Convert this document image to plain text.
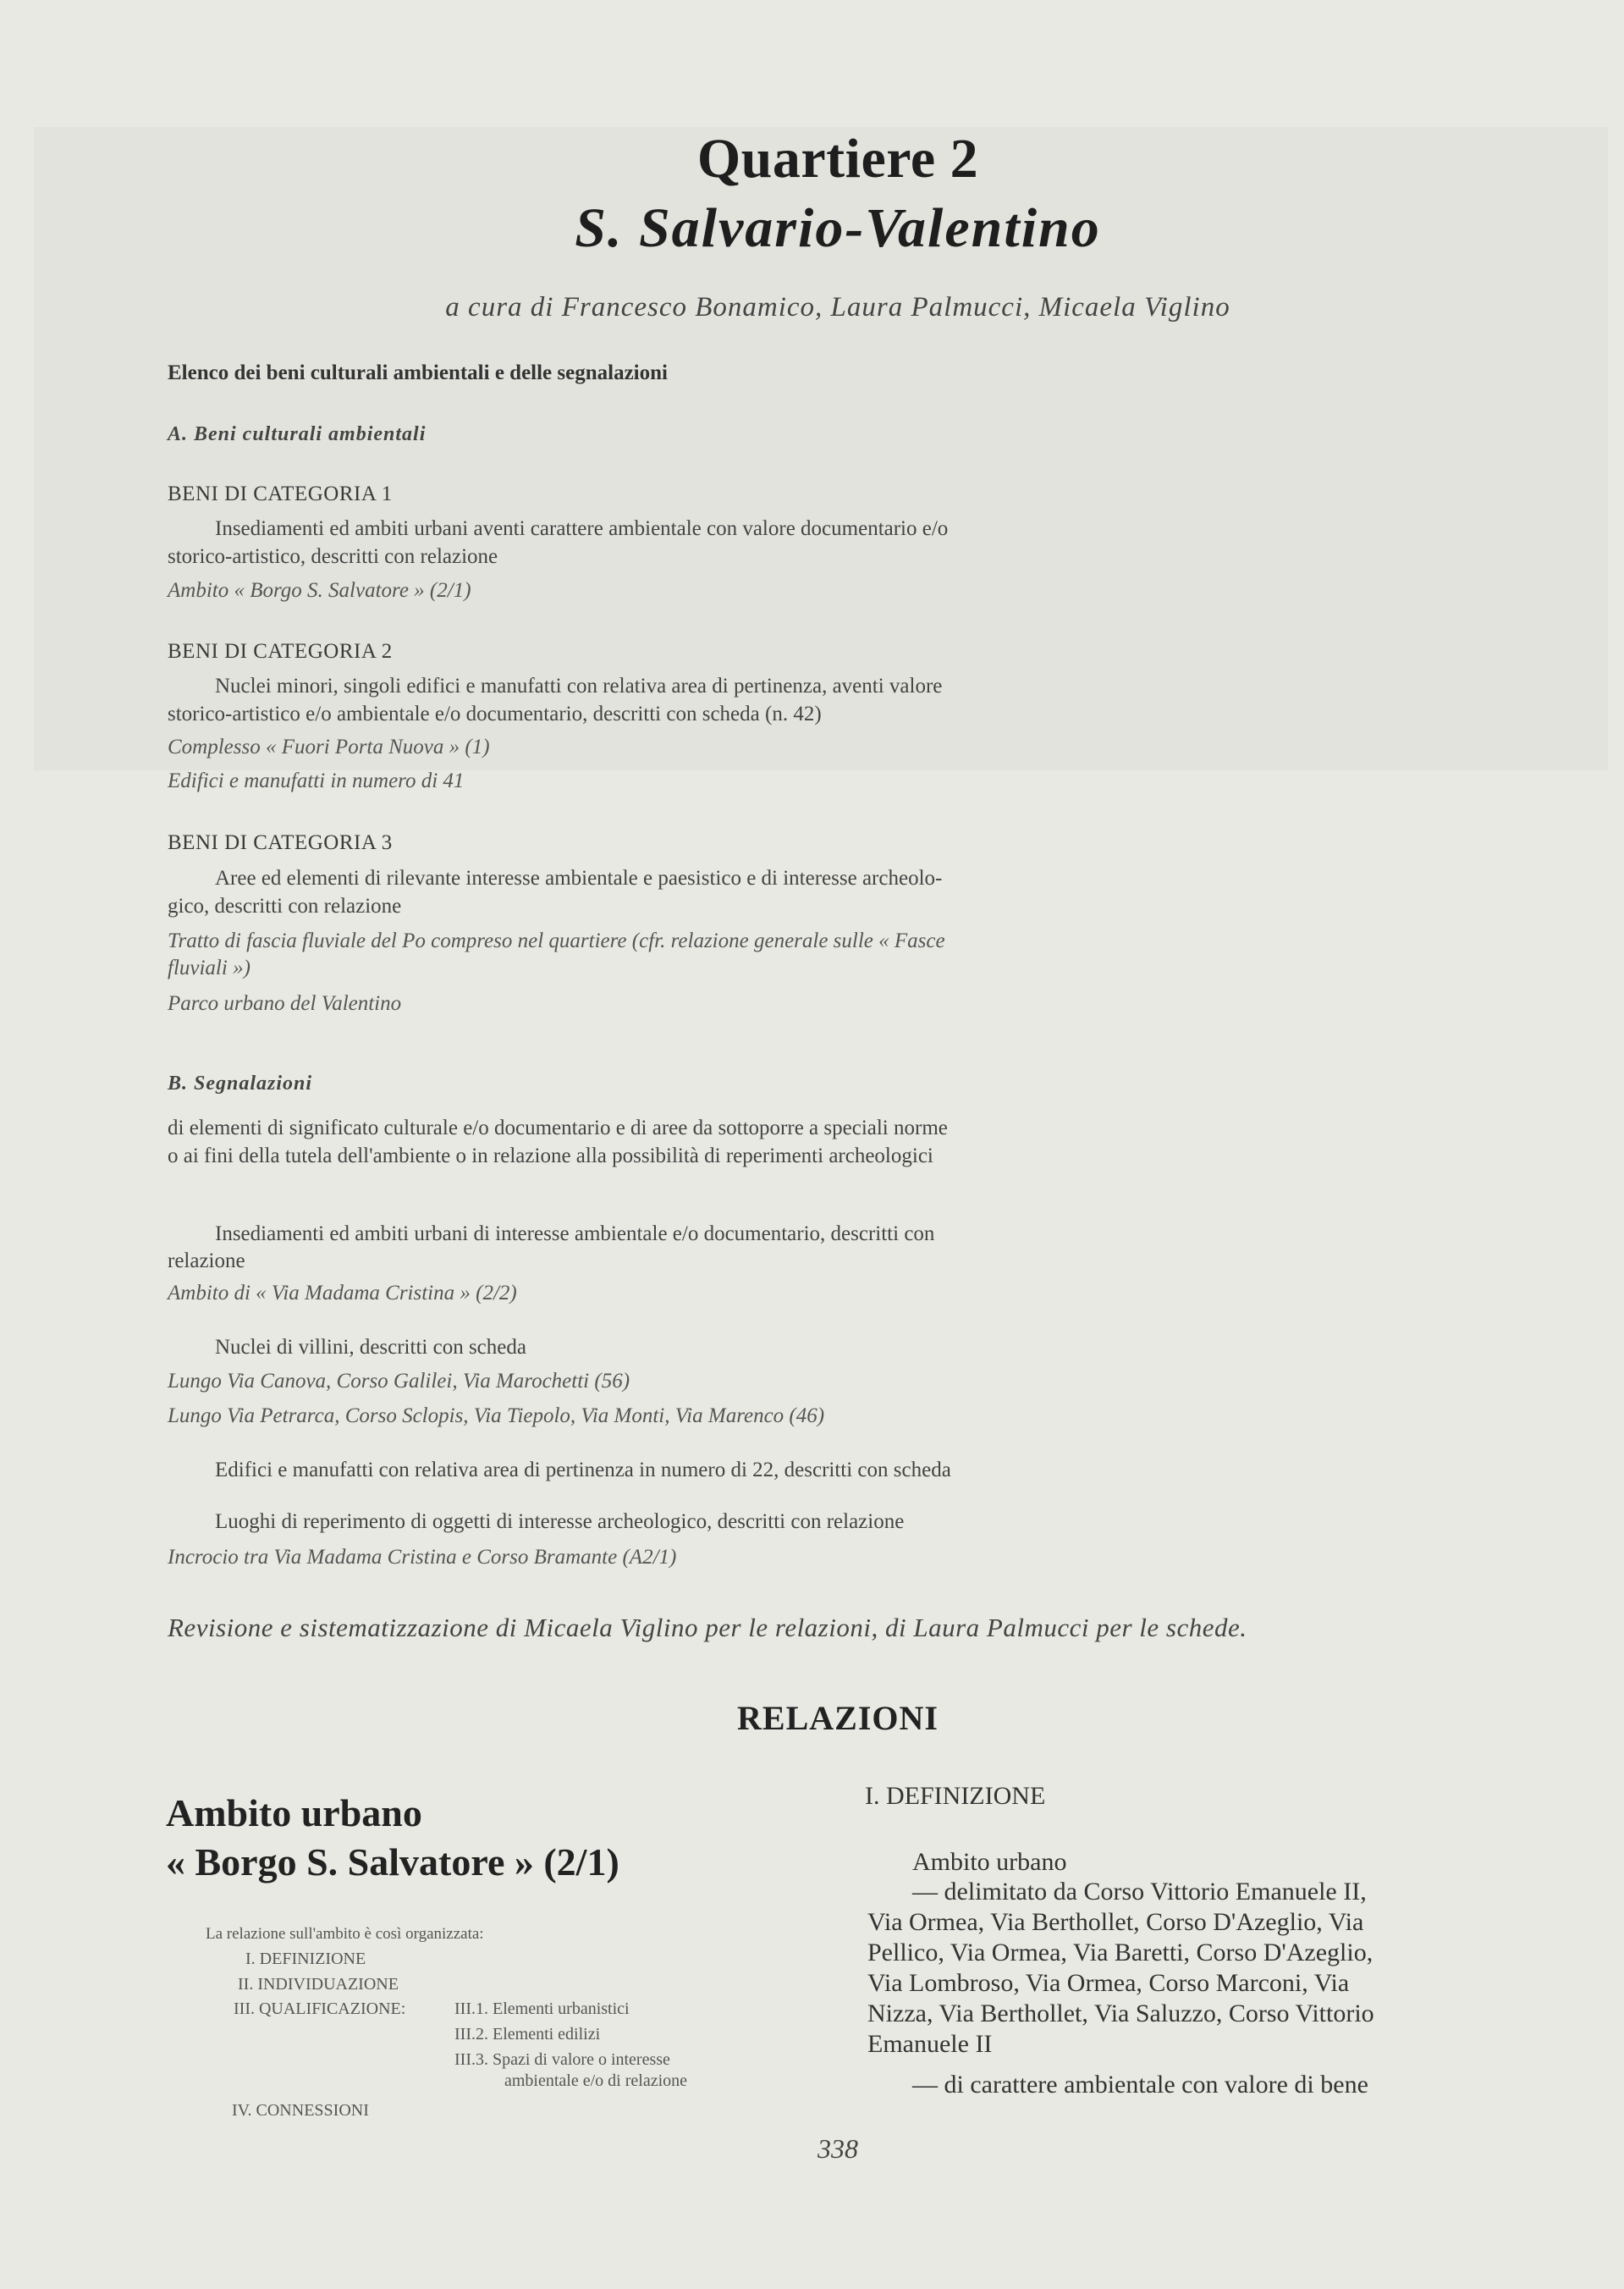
Quartiere 2
S. Salvario-Valentino
a cura di Francesco Bonamico, Laura Palmucci, Micaela Viglino
Elenco dei beni culturali ambientali e delle segnalazioni
A. Beni culturali ambientali
BENI DI CATEGORIA 1
Insediamenti ed ambiti urbani aventi carattere ambientale con valore documentario e/o
storico-artistico, descritti con relazione
Ambito « Borgo S. Salvatore » (2/1)
BENI DI CATEGORIA 2
Nuclei minori, singoli edifici e manufatti con relativa area di pertinenza, aventi valore
storico-artistico e/o ambientale e/o documentario, descritti con scheda (n. 42)
Complesso « Fuori Porta Nuova » (1)
Edifici e manufatti in numero di 41
BENI DI CATEGORIA 3
Aree ed elementi di rilevante interesse ambientale e paesistico e di interesse archeolo-
gico, descritti con relazione
Tratto di fascia fluviale del Po compreso nel quartiere (cfr. relazione generale sulle « Fasce
fluviali »)
Parco urbano del Valentino
B. Segnalazioni
di elementi di significato culturale e/o documentario e di aree da sottoporre a speciali norme
o ai fini della tutela dell'ambiente o in relazione alla possibilità di reperimenti archeologici
Insediamenti ed ambiti urbani di interesse ambientale e/o documentario, descritti con
relazione
Ambito di « Via Madama Cristina » (2/2)
Nuclei di villini, descritti con scheda
Lungo Via Canova, Corso Galilei, Via Marochetti (56)
Lungo Via Petrarca, Corso Sclopis, Via Tiepolo, Via Monti, Via Marenco (46)
Edifici e manufatti con relativa area di pertinenza in numero di 22, descritti con scheda
Luoghi di reperimento di oggetti di interesse archeologico, descritti con relazione
Incrocio tra Via Madama Cristina e Corso Bramante (A2/1)
Revisione e sistematizzazione di Micaela Viglino per le relazioni, di Laura Palmucci per le schede.
RELAZIONI
Ambito urbano
« Borgo S. Salvatore » (2/1)
La relazione sull'ambito è così organizzata:
I. DEFINIZIONE
II. INDIVIDUAZIONE
III. QUALIFICAZIONE:	III.1. Elementi urbanistici
III.2. Elementi edilizi
III.3. Spazi di valore o interesse
ambientale e/o di relazione
IV. CONNESSIONI
I. DEFINIZIONE
Ambito urbano
— delimitato da Corso Vittorio Emanuele II,
Via Ormea, Via Berthollet, Corso D'Azeglio, Via
Pellico, Via Ormea, Via Baretti, Corso D'Azeglio,
Via Lombroso, Via Ormea, Corso Marconi, Via
Nizza, Via Berthollet, Via Saluzzo, Corso Vittorio
Emanuele II
— di carattere ambientale con valore di bene
338
